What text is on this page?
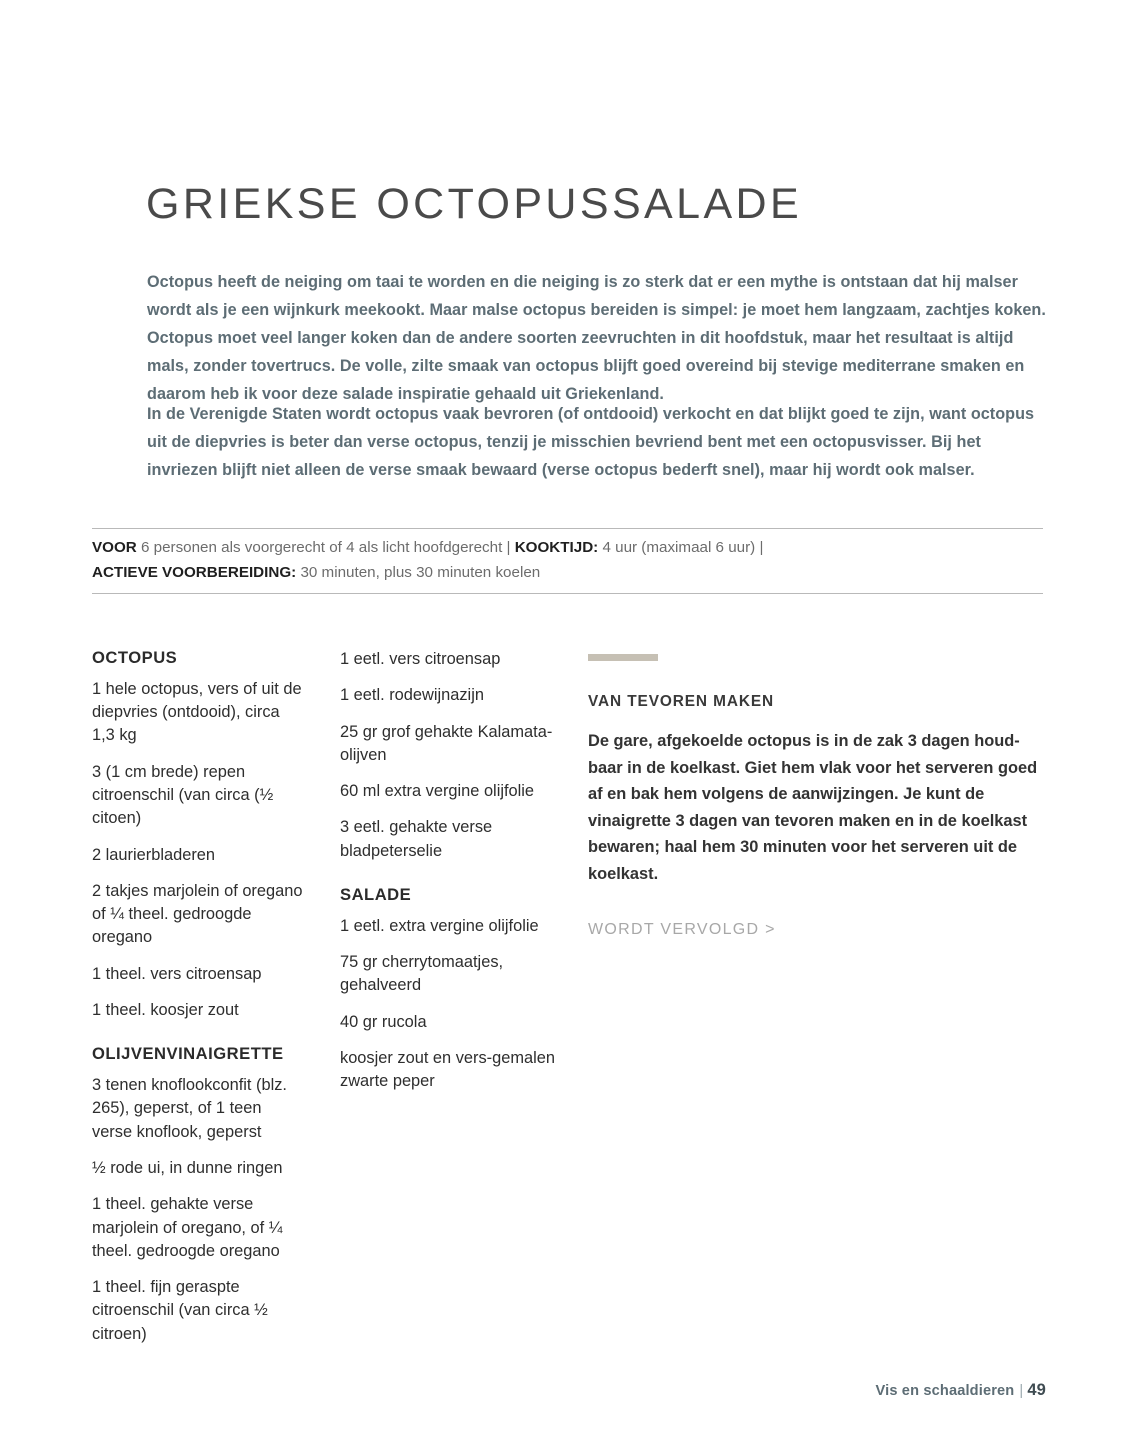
GRIEKSE OCTOPUSSALADE

Octopus heeft de neiging om taai te worden en die neiging is zo sterk dat er een mythe is ontstaan dat hij malser wordt als je een wijnkurk meekookt. Maar malse octopus bereiden is simpel: je moet hem langzaam, zachtjes koken. Octopus moet veel langer koken dan de andere soorten zeevruchten in dit hoofdstuk, maar het resultaat is altijd mals, zonder tovertrucs. De volle, zilte smaak van octopus blijft goed overeind bij stevige mediterrane smaken en daarom heb ik voor deze salade inspiratie gehaald uit Griekenland.

In de Verenigde Staten wordt octopus vaak bevroren (of ontdooid) verkocht en dat blijkt goed te zijn, want octopus uit de diepvries is beter dan verse octopus, tenzij je misschien bevriend bent met een octopusvisser. Bij het invriezen blijft niet alleen de verse smaak bewaard (verse octopus bederft snel), maar hij wordt ook malser.

VOOR 6 personen als voorgerecht of 4 als licht hoofdgerecht | KOOKTIJD: 4 uur (maximaal 6 uur) |
ACTIEVE VOORBEREIDING: 30 minuten, plus 30 minuten koelen
OCTOPUS

1 hele octopus, vers of uit de diepvries (ontdooid), circa 1,3 kg

3 (1 cm brede) repen citroenschil (van circa (½ citoen)

2 laurierbladeren

2 takjes marjolein of oregano of ¼ theel. gedroogde oregano

1 theel. vers citroensap

1 theel. koosjer zout

OLIJVENVINAIGRETTE

3 tenen knoflookconfit (blz. 265), geperst, of 1 teen verse knoflook, geperst

½ rode ui, in dunne ringen

1 theel. gehakte verse marjolein of oregano, of ¼ theel. gedroogde oregano

1 theel. fijn geraspte citroenschil (van circa ½ citroen)

1 eetl. vers citroensap

1 eetl. rodewijnazijn

25 gr grof gehakte Kalamata-olijven

60 ml extra vergine olijfolie

3 eetl. gehakte verse bladpeterselie

SALADE

1 eetl. extra vergine olijfolie

75 gr cherrytomaatjes, gehalveerd

40 gr rucola

koosjer zout en vers-gemalen zwarte peper

VAN TEVOREN MAKEN

De gare, afgekoelde octopus is in de zak 3 dagen houd-baar in de koelkast. Giet hem vlak voor het serveren goed af en bak hem volgens de aanwijzingen. Je kunt de vinaigrette 3 dagen van tevoren maken en in de koelkast bewaren; haal hem 30 minuten voor het serveren uit de koelkast.

WORDT VERVOLGD >
Vis en schaaldieren | 49
